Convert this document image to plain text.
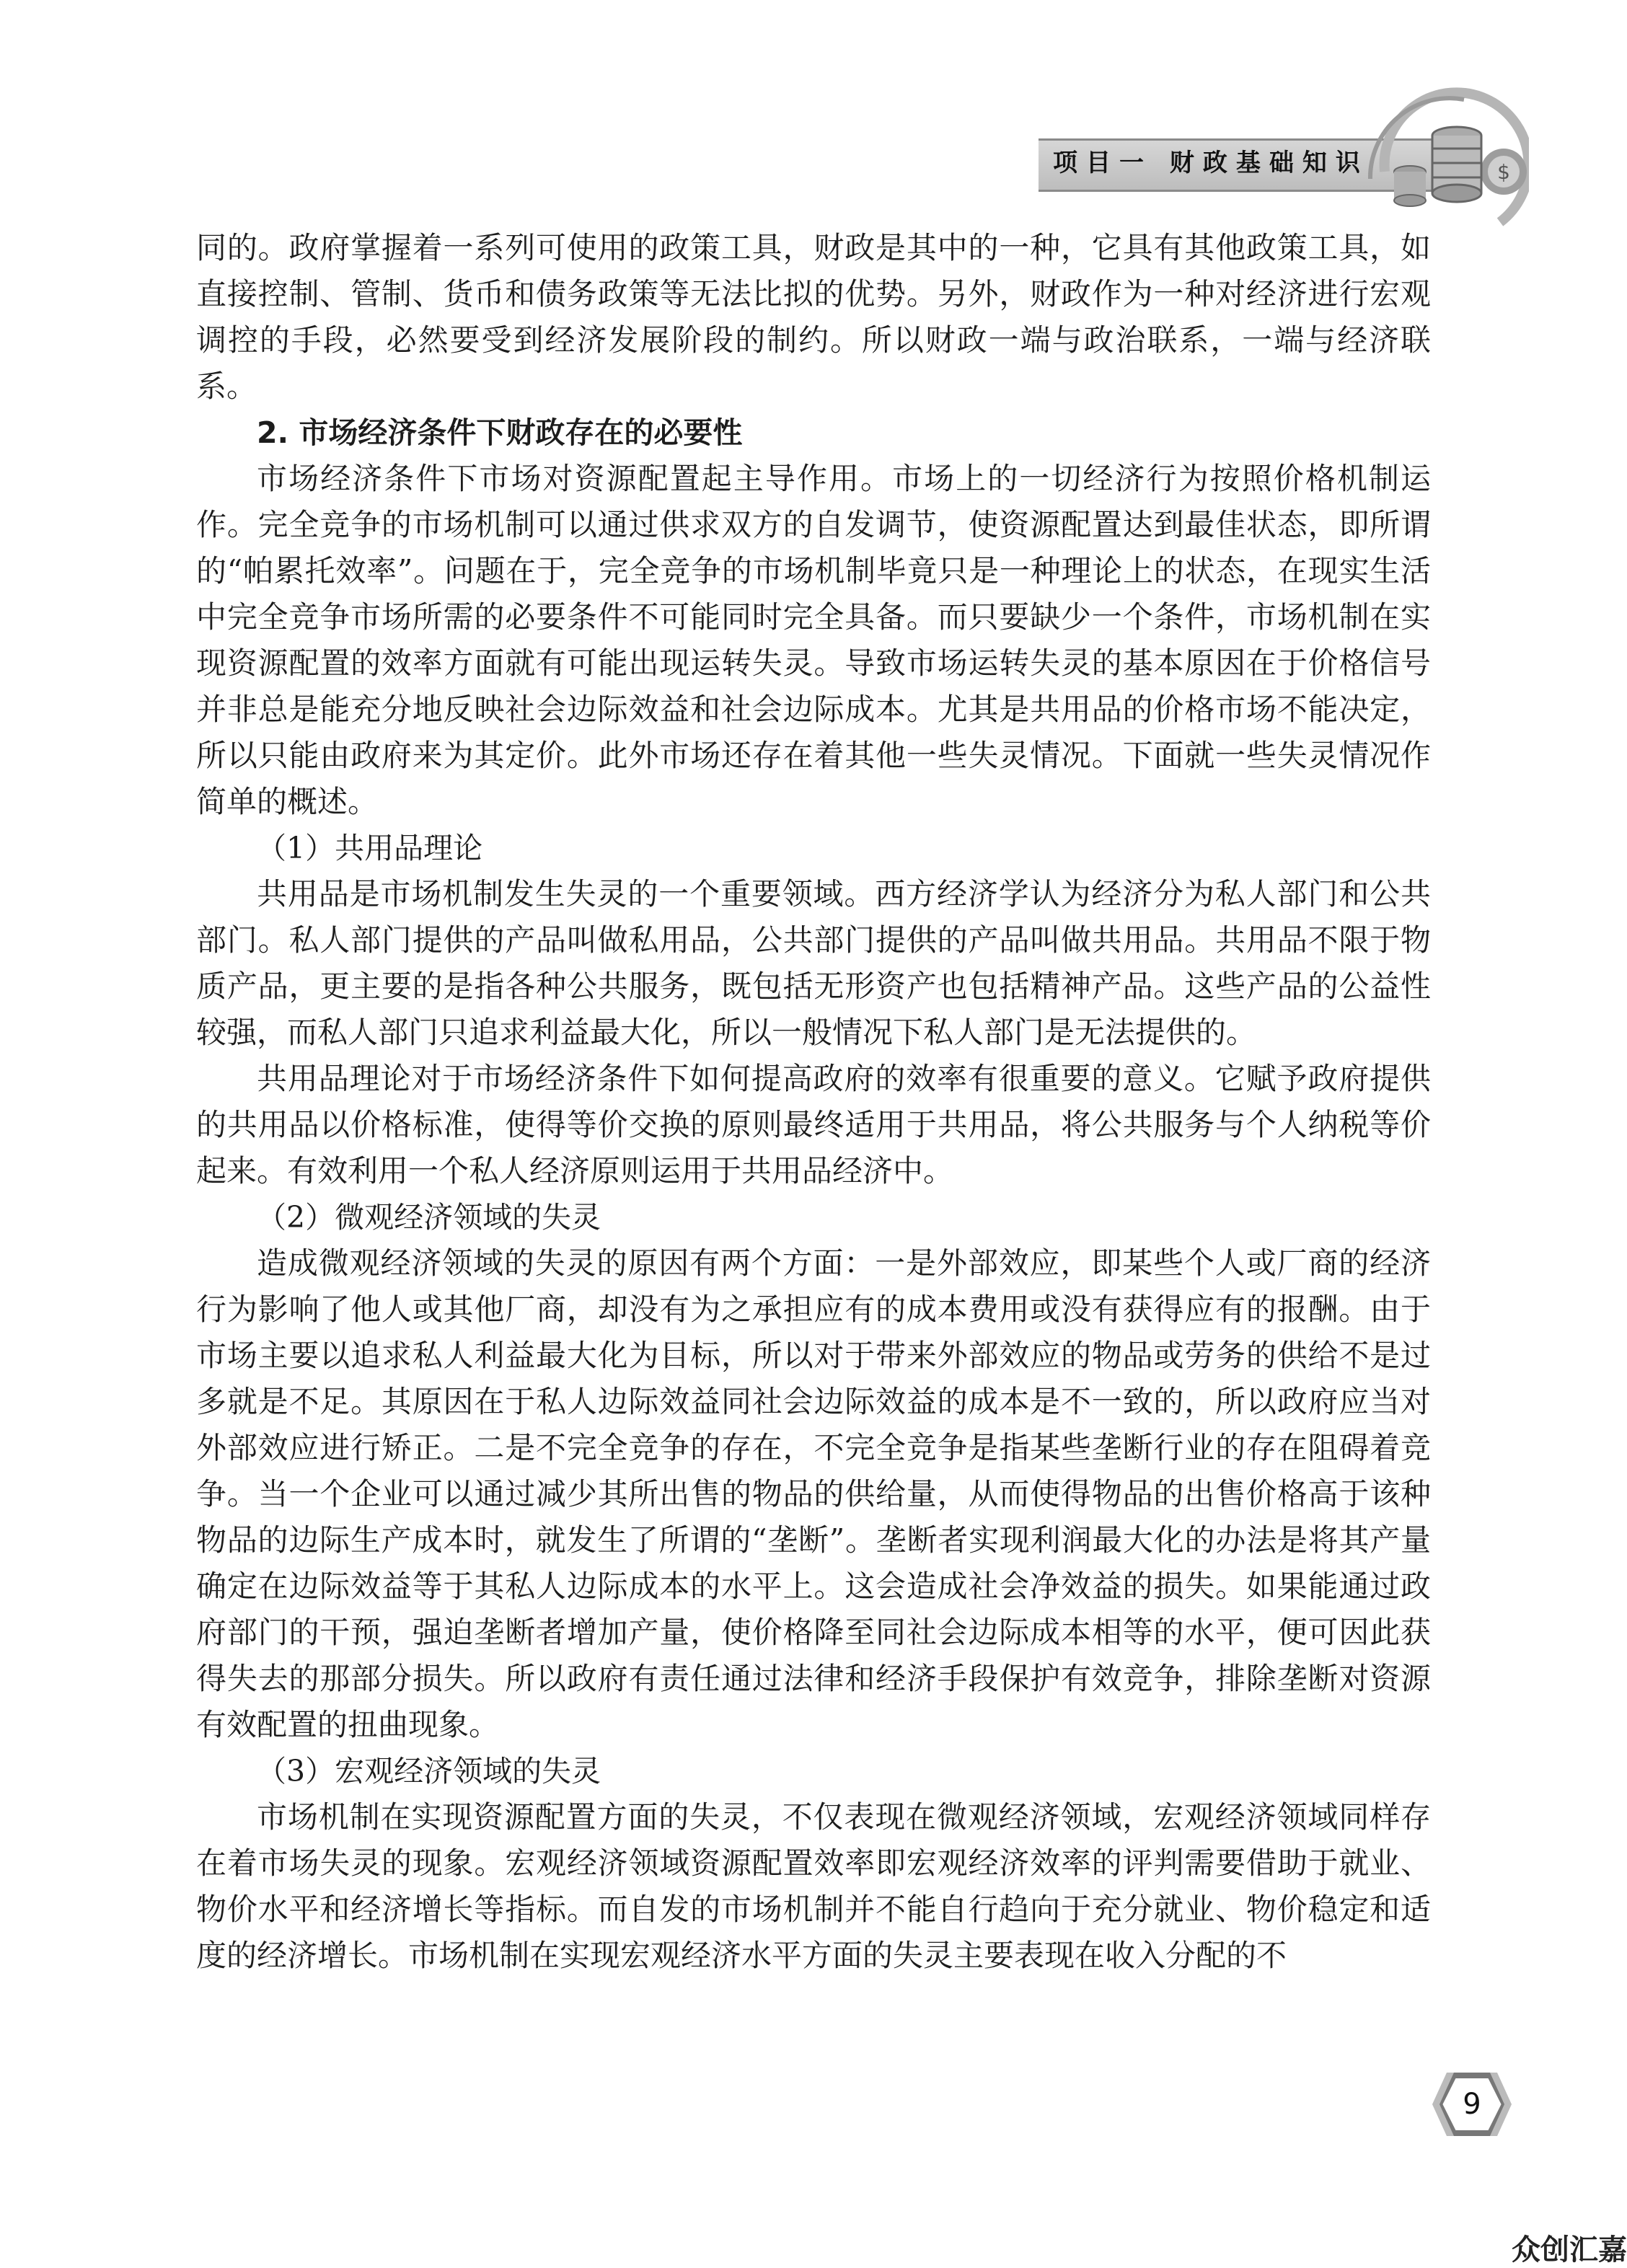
项目一 财政基础知识	$

同的。政府掌握着一系列可使用的政策工具，财政是其中的一种，它具有其他政策工具，如直接控制、管制、货币和债务政策等无法比拟的优势。另外，财政作为一种对经济进行宏观调控的手段，必然要受到经济发展阶段的制约。所以财政一端与政治联系，一端与经济联系。

2. 市场经济条件下财政存在的必要性

市场经济条件下市场对资源配置起主导作用。市场上的一切经济行为按照价格机制运作。完全竞争的市场机制可以通过供求双方的自发调节，使资源配置达到最佳状态，即所谓的“帕累托效率”。问题在于，完全竞争的市场机制毕竟只是一种理论上的状态，在现实生活中完全竞争市场所需的必要条件不可能同时完全具备。而只要缺少一个条件，市场机制在实现资源配置的效率方面就有可能出现运转失灵。导致市场运转失灵的基本原因在于价格信号并非总是能充分地反映社会边际效益和社会边际成本。尤其是共用品的价格市场不能决定，所以只能由政府来为其定价。此外市场还存在着其他一些失灵情况。下面就一些失灵情况作简单的概述。

（1）共用品理论

共用品是市场机制发生失灵的一个重要领域。西方经济学认为经济分为私人部门和公共部门。私人部门提供的产品叫做私用品，公共部门提供的产品叫做共用品。共用品不限于物质产品，更主要的是指各种公共服务，既包括无形资产也包括精神产品。这些产品的公益性较强，而私人部门只追求利益最大化，所以一般情况下私人部门是无法提供的。

共用品理论对于市场经济条件下如何提高政府的效率有很重要的意义。它赋予政府提供的共用品以价格标准，使得等价交换的原则最终适用于共用品，将公共服务与个人纳税等价起来。有效利用一个私人经济原则运用于共用品经济中。

（2）微观经济领域的失灵

造成微观经济领域的失灵的原因有两个方面：一是外部效应，即某些个人或厂商的经济行为影响了他人或其他厂商，却没有为之承担应有的成本费用或没有获得应有的报酬。由于市场主要以追求私人利益最大化为目标，所以对于带来外部效应的物品或劳务的供给不是过多就是不足。其原因在于私人边际效益同社会边际效益的成本是不一致的，所以政府应当对外部效应进行矫正。二是不完全竞争的存在，不完全竞争是指某些垄断行业的存在阻碍着竞争。当一个企业可以通过减少其所出售的物品的供给量，从而使得物品的出售价格高于该种物品的边际生产成本时，就发生了所谓的“垄断”。垄断者实现利润最大化的办法是将其产量确定在边际效益等于其私人边际成本的水平上。这会造成社会净效益的损失。如果能通过政府部门的干预，强迫垄断者增加产量，使价格降至同社会边际成本相等的水平，便可因此获得失去的那部分损失。所以政府有责任通过法律和经济手段保护有效竞争，排除垄断对资源有效配置的扭曲现象。

（3）宏观经济领域的失灵

市场机制在实现资源配置方面的失灵，不仅表现在微观经济领域，宏观经济领域同样存在着市场失灵的现象。宏观经济领域资源配置效率即宏观经济效率的评判需要借助于就业、物价水平和经济增长等指标。而自发的市场机制并不能自行趋向于充分就业、物价稳定和适度的经济增长。市场机制在实现宏观经济水平方面的失灵主要表现在收入分配的不

9
众创汇嘉
